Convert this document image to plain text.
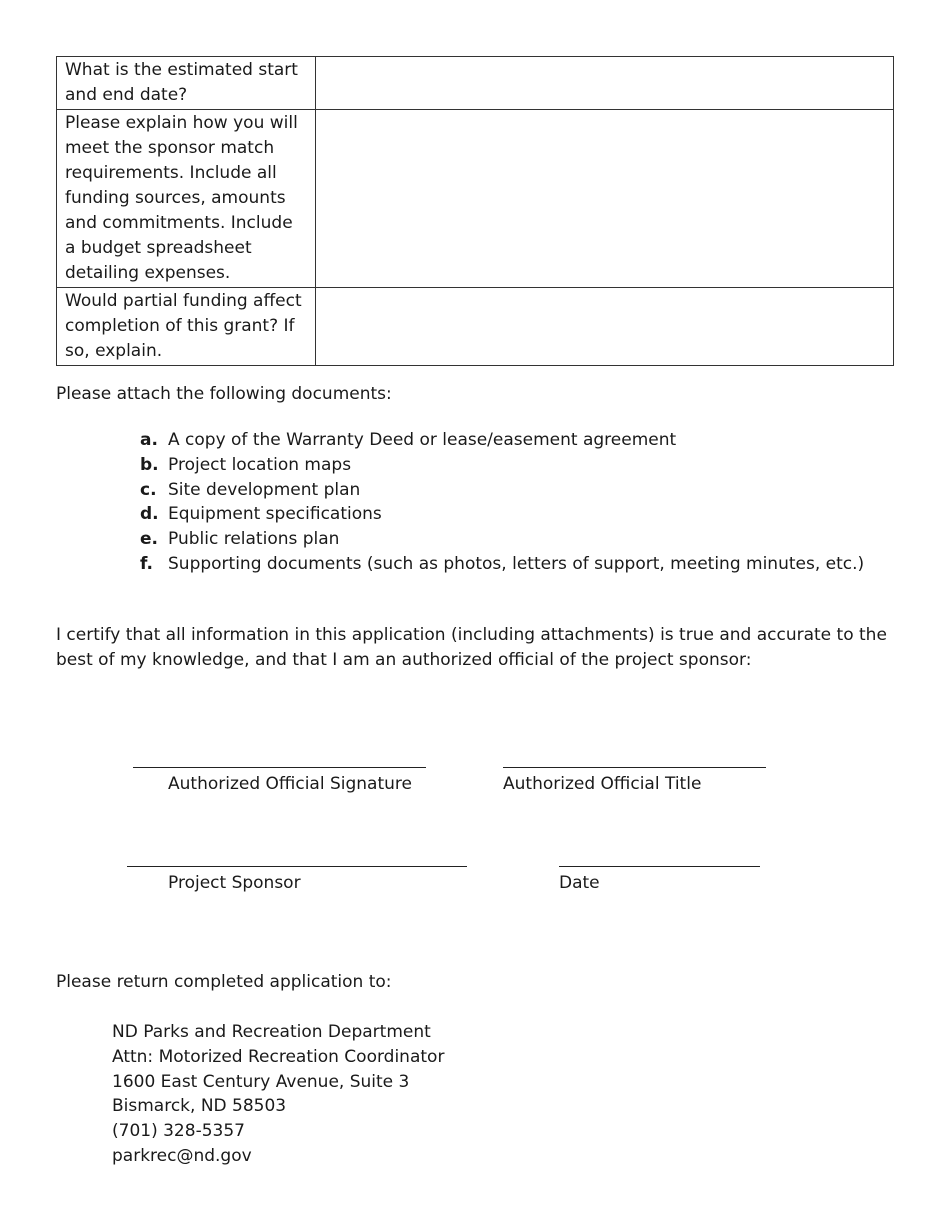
What is the estimated start and end date?	
Please explain how you will meet the sponsor match requirements. Include all funding sources, amounts and commitments. Include a budget spreadsheet detailing expenses.	
Would partial funding affect completion of this grant? If so, explain.	
Please attach the following documents:
a. A copy of the Warranty Deed or lease/easement agreement
b. Project location maps
c. Site development plan
d. Equipment specifications
e. Public relations plan
f. Supporting documents (such as photos, letters of support, meeting minutes, etc.)
I certify that all information in this application (including attachments) is true and accurate to the best of my knowledge, and that I am an authorized official of the project sponsor:
Authorized Official Signature	Authorized Official Title
Project Sponsor	Date
Please return completed application to:
ND Parks and Recreation Department
Attn: Motorized Recreation Coordinator
1600 East Century Avenue, Suite 3
Bismarck, ND 58503
(701) 328-5357
parkrec@nd.gov
